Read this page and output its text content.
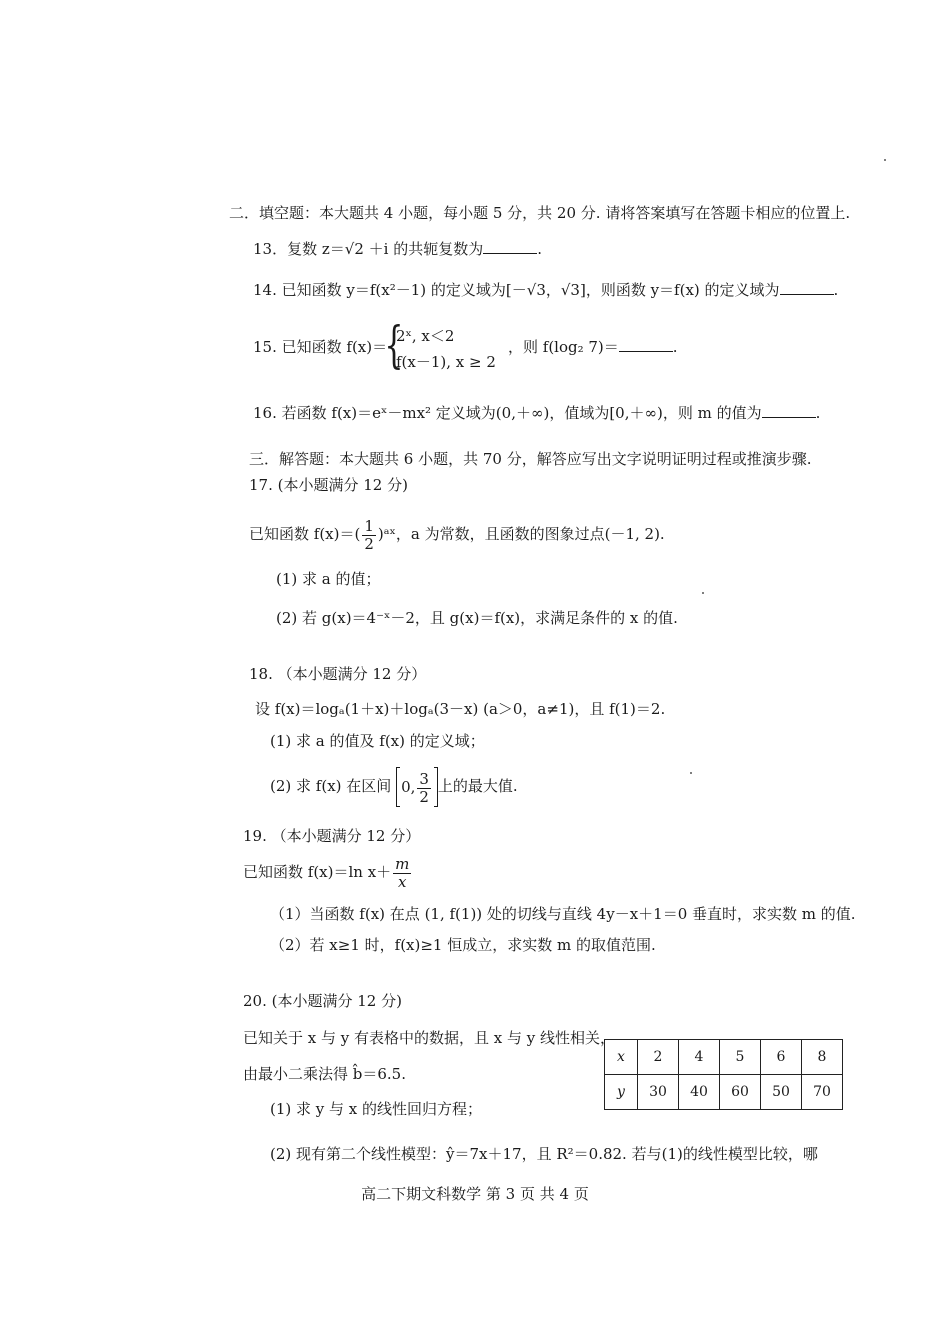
二．填空题：本大题共 4 小题，每小题 5 分，共 20 分. 请将答案填写在答题卡相应的位置上.
13．复数 z＝√2 ＋i 的共轭复数为	.
14. 已知函数 y＝f(x²－1) 的定义域为[－√3，√3]，则函数 y＝f(x) 的定义域为	.
15. 已知函数 f(x)＝
{
2ˣ, x＜2
f(x－1), x ≥ 2
，则 f(log₂ 7)＝	.
16. 若函数 f(x)＝eˣ－mx² 定义域为(0,＋∞)，值域为[0,＋∞)，则 m 的值为	.
三．解答题：本大题共 6 小题，共 70 分，解答应写出文字说明证明过程或推演步骤.
17. (本小题满分 12 分)
已知函数 $f(x)=( \frac{1}{2}$ )ᵃˣ，a 为常数，且函数的图象过点(－1, 2).
(1) 求 a 的值；
(2) 若 g(x)＝4⁻ˣ－2，且 g(x)＝f(x)，求满足条件的 x 的值.
18. （本小题满分 12 分）
设 f(x)＝logₐ(1＋x)＋logₐ(3－x) (a＞0，a≠1)，且 f(1)＝2.
(1) 求 a 的值及 f(x) 的定义域；
(2) 求 f(x) 在区间 0, $\frac{3}{2}$ 上的最大值.
19. （本小题满分 12 分）
已知函数 f(x)＝ln $x+ \frac{m}{x}$
（1）当函数 f(x) 在点 (1, f(1)) 处的切线与直线 4y－x＋1＝0 垂直时，求实数 m 的值.
（2）若 x≥1 时，f(x)≥1 恒成立，求实数 m 的取值范围.
20. (本小题满分 12 分)
已知关于 x 与 y 有表格中的数据，且 x 与 y 线性相关，
由最小二乘法得 b̂＝6.5.
(1) 求 y 与 x 的线性回归方程；
(2) 现有第二个线性模型：ŷ＝7x＋17，且 R²＝0.82. 若与(1)的线性模型比较，哪
x	2	4	5	6	8
y	30	40	60	50	70
高二下期文科数学 第 3 页 共 4 页
